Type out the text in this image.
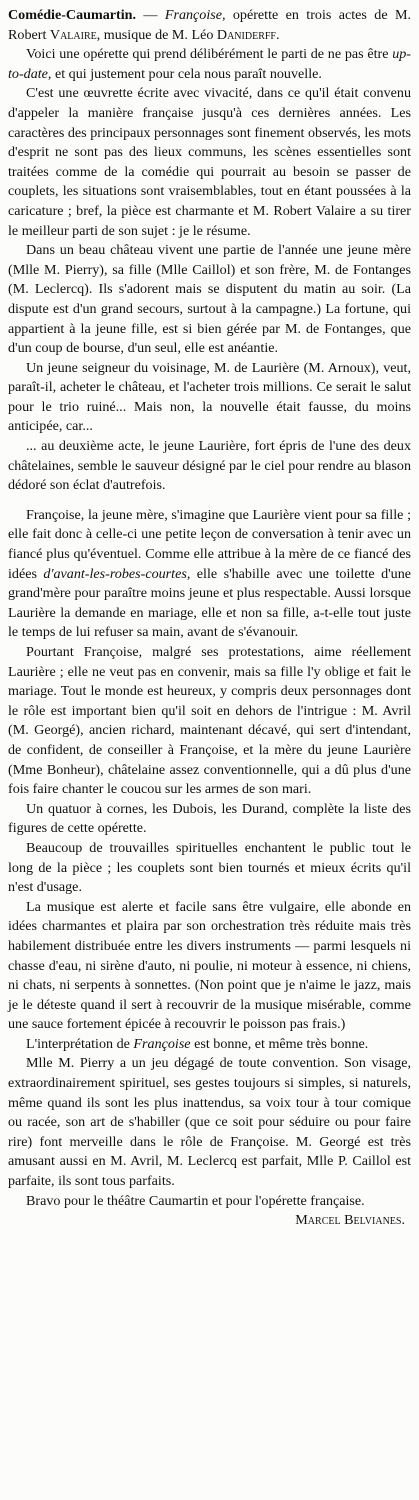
Comédie-Caumartin. — Françoise, opérette en trois actes de M. Robert Valaire, musique de M. Léo Daniderff.

Voici une opérette qui prend délibérément le parti de ne pas être up-to-date, et qui justement pour cela nous paraît nouvelle.

C'est une œuvrette écrite avec vivacité, dans ce qu'il était convenu d'appeler la manière française jusqu'à ces dernières années. Les caractères des principaux personnages sont finement observés, les mots d'esprit ne sont pas des lieux communs, les scènes essentielles sont traitées comme de la comédie qui pourrait au besoin se passer de couplets, les situations sont vraisemblables, tout en étant poussées à la caricature ; bref, la pièce est charmante et M. Robert Valaire a su tirer le meilleur parti de son sujet : je le résume.

Dans un beau château vivent une partie de l'année une jeune mère (Mlle M. Pierry), sa fille (Mlle Caillol) et son frère, M. de Fontanges (M. Leclercq). Ils s'adorent mais se disputent du matin au soir. (La dispute est d'un grand secours, surtout à la campagne.) La fortune, qui appartient à la jeune fille, est si bien gérée par M. de Fontanges, que d'un coup de bourse, d'un seul, elle est anéantie.

Un jeune seigneur du voisinage, M. de Laurière (M. Arnoux), veut, paraît-il, acheter le château, et l'acheter trois millions. Ce serait le salut pour le trio ruiné... Mais non, la nouvelle était fausse, du moins anticipée, car...

... au deuxième acte, le jeune Laurière, fort épris de l'une des deux châtelaines, semble le sauveur désigné par le ciel pour rendre au blason dédoré son éclat d'autrefois.

Françoise, la jeune mère, s'imagine que Laurière vient pour sa fille ; elle fait donc à celle-ci une petite leçon de conversation à tenir avec un fiancé plus qu'éventuel. Comme elle attribue à la mère de ce fiancé des idées d'avant-les-robes-courtes, elle s'habille avec une toilette d'une grand'mère pour paraître moins jeune et plus respectable. Aussi lorsque Laurière la demande en mariage, elle et non sa fille, a-t-elle tout juste le temps de lui refuser sa main, avant de s'évanouir.

Pourtant Françoise, malgré ses protestations, aime réellement Laurière ; elle ne veut pas en convenir, mais sa fille l'y oblige et fait le mariage. Tout le monde est heureux, y compris deux personnages dont le rôle est important bien qu'il soit en dehors de l'intrigue : M. Avril (M. Georgé), ancien richard, maintenant décavé, qui sert d'intendant, de confident, de conseiller à Françoise, et la mère du jeune Laurière (Mme Bonheur), châtelaine assez conventionnelle, qui a dû plus d'une fois faire chanter le coucou sur les armes de son mari.

Un quatuor à cornes, les Dubois, les Durand, complète la liste des figures de cette opérette.

Beaucoup de trouvailles spirituelles enchantent le public tout le long de la pièce ; les couplets sont bien tournés et mieux écrits qu'il n'est d'usage.

La musique est alerte et facile sans être vulgaire, elle abonde en idées charmantes et plaira par son orchestration très réduite mais très habilement distribuée entre les divers instruments — parmi lesquels ni chasse d'eau, ni sirène d'auto, ni poulie, ni moteur à essence, ni chiens, ni chats, ni serpents à sonnettes. (Non point que je n'aime le jazz, mais je le déteste quand il sert à recouvrir de la musique misérable, comme une sauce fortement épicée à recouvrir le poisson pas frais.)

L'interprétation de Françoise est bonne, et même très bonne.

Mlle M. Pierry a un jeu dégagé de toute convention. Son visage, extraordinairement spirituel, ses gestes toujours si simples, si naturels, même quand ils sont les plus inattendus, sa voix tour à tour comique ou racée, son art de s'habiller (que ce soit pour séduire ou pour faire rire) font merveille dans le rôle de Françoise. M. Georgé est très amusant aussi en M. Avril, M. Leclercq est parfait, Mlle P. Caillol est parfaite, ils sont tous parfaits.

Bravo pour le théâtre Caumartin et pour l'opérette française.

Marcel Belvianes.
